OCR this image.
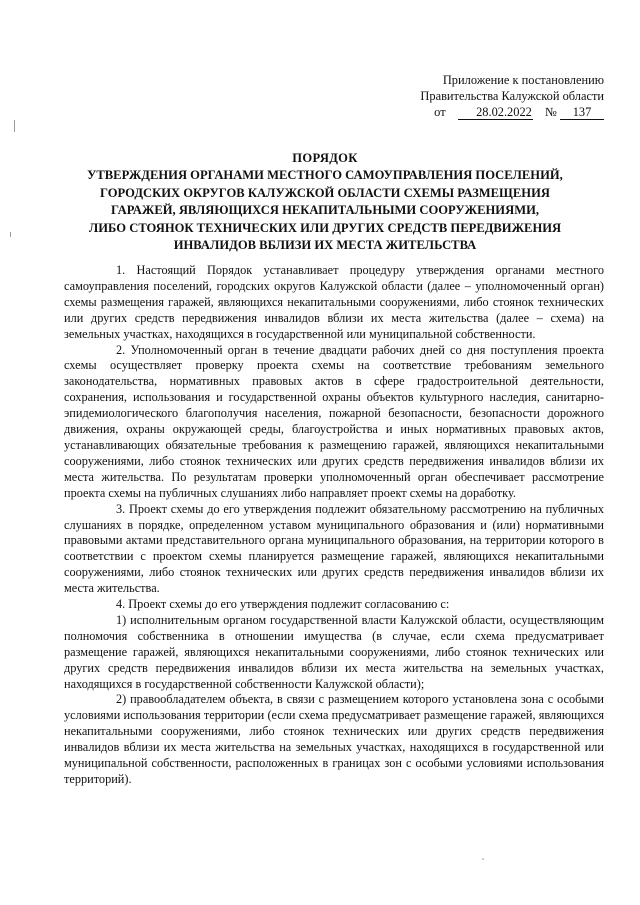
Приложение к постановлению
Правительства Калужской области
от 28.02.2022 № 137
ПОРЯДОК
УТВЕРЖДЕНИЯ ОРГАНАМИ МЕСТНОГО САМОУПРАВЛЕНИЯ ПОСЕЛЕНИЙ,
ГОРОДСКИХ ОКРУГОВ КАЛУЖСКОЙ ОБЛАСТИ СХЕМЫ РАЗМЕЩЕНИЯ
ГАРАЖЕЙ, ЯВЛЯЮЩИХСЯ НЕКАПИТАЛЬНЫМИ СООРУЖЕНИЯМИ,
ЛИБО СТОЯНОК ТЕХНИЧЕСКИХ ИЛИ ДРУГИХ СРЕДСТВ ПЕРЕДВИЖЕНИЯ
ИНВАЛИДОВ ВБЛИЗИ ИХ МЕСТА ЖИТЕЛЬСТВА

1. Настоящий Порядок устанавливает процедуру утверждения органами местного самоуправления поселений, городских округов Калужской области (далее – уполномоченный орган) схемы размещения гаражей, являющихся некапитальными сооружениями, либо стоянок технических или других средств передвижения инвалидов вблизи их места жительства (далее – схема) на земельных участках, находящихся в государственной или муниципальной собственности.

2. Уполномоченный орган в течение двадцати рабочих дней со дня поступления проекта схемы осуществляет проверку проекта схемы на соответствие требованиям земельного законодательства, нормативных правовых актов в сфере градостроительной деятельности, сохранения, использования и государственной охраны объектов культурного наследия, санитарно-эпидемиологического благополучия населения, пожарной безопасности, безопасности дорожного движения, охраны окружающей среды, благоустройства и иных нормативных правовых актов, устанавливающих обязательные требования к размещению гаражей, являющихся некапитальными сооружениями, либо стоянок технических или других средств передвижения инвалидов вблизи их места жительства. По результатам проверки уполномоченный орган обеспечивает рассмотрение проекта схемы на публичных слушаниях либо направляет проект схемы на доработку.

3. Проект схемы до его утверждения подлежит обязательному рассмотрению на публичных слушаниях в порядке, определенном уставом муниципального образования и (или) нормативными правовыми актами представительного органа муниципального образования, на территории которого в соответствии с проектом схемы планируется размещение гаражей, являющихся некапитальными сооружениями, либо стоянок технических или других средств передвижения инвалидов вблизи их места жительства.

4. Проект схемы до его утверждения подлежит согласованию с:

1) исполнительным органом государственной власти Калужской области, осуществляющим полномочия собственника в отношении имущества (в случае, если схема предусматривает размещение гаражей, являющихся некапитальными сооружениями, либо стоянок технических или других средств передвижения инвалидов вблизи их места жительства на земельных участках, находящихся в государственной собственности Калужской области);

2) правообладателем объекта, в связи с размещением которого установлена зона с особыми условиями использования территории (если схема предусматривает размещение гаражей, являющихся некапитальными сооружениями, либо стоянок технических или других средств передвижения инвалидов вблизи их места жительства на земельных участках, находящихся в государственной или муниципальной собственности, расположенных в границах зон с особыми условиями использования территорий).
